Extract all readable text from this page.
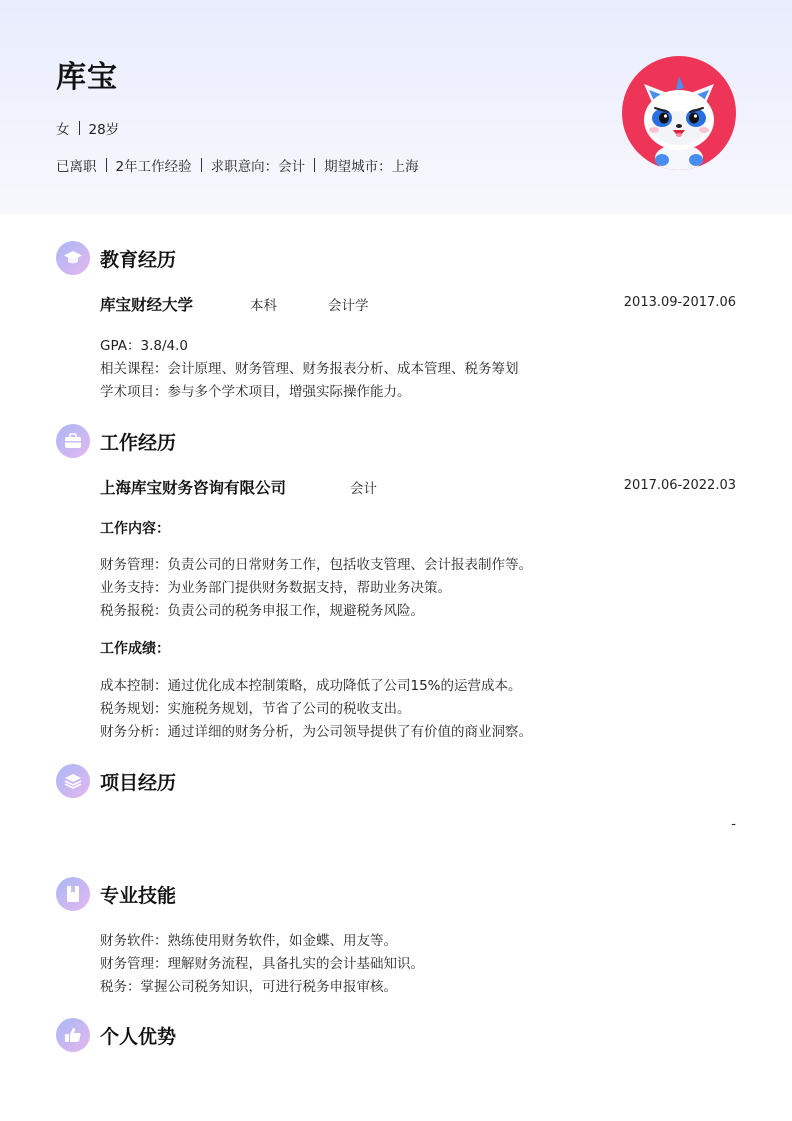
库宝
女 28岁
已离职 2年工作经验 求职意向：会计 期望城市：上海
教育经历
库宝财经大学	本科	会计学	2013.09-2017.06
GPA：3.8/4.0
相关课程：会计原理、财务管理、财务报表分析、成本管理、税务筹划
学术项目：参与多个学术项目，增强实际操作能力。
工作经历
上海库宝财务咨询有限公司	会计	2017.06-2022.03
工作内容：
财务管理：负责公司的日常财务工作，包括收支管理、会计报表制作等。
业务支持：为业务部门提供财务数据支持，帮助业务决策。
税务报税：负责公司的税务申报工作，规避税务风险。
工作成绩：
成本控制：通过优化成本控制策略，成功降低了公司15%的运营成本。
税务规划：实施税务规划，节省了公司的税收支出。
财务分析：通过详细的财务分析，为公司领导提供了有价值的商业洞察。
项目经历
-
专业技能
财务软件：熟练使用财务软件，如金蝶、用友等。
财务管理：理解财务流程，具备扎实的会计基础知识。
税务：掌握公司税务知识，可进行税务申报审核。
个人优势
